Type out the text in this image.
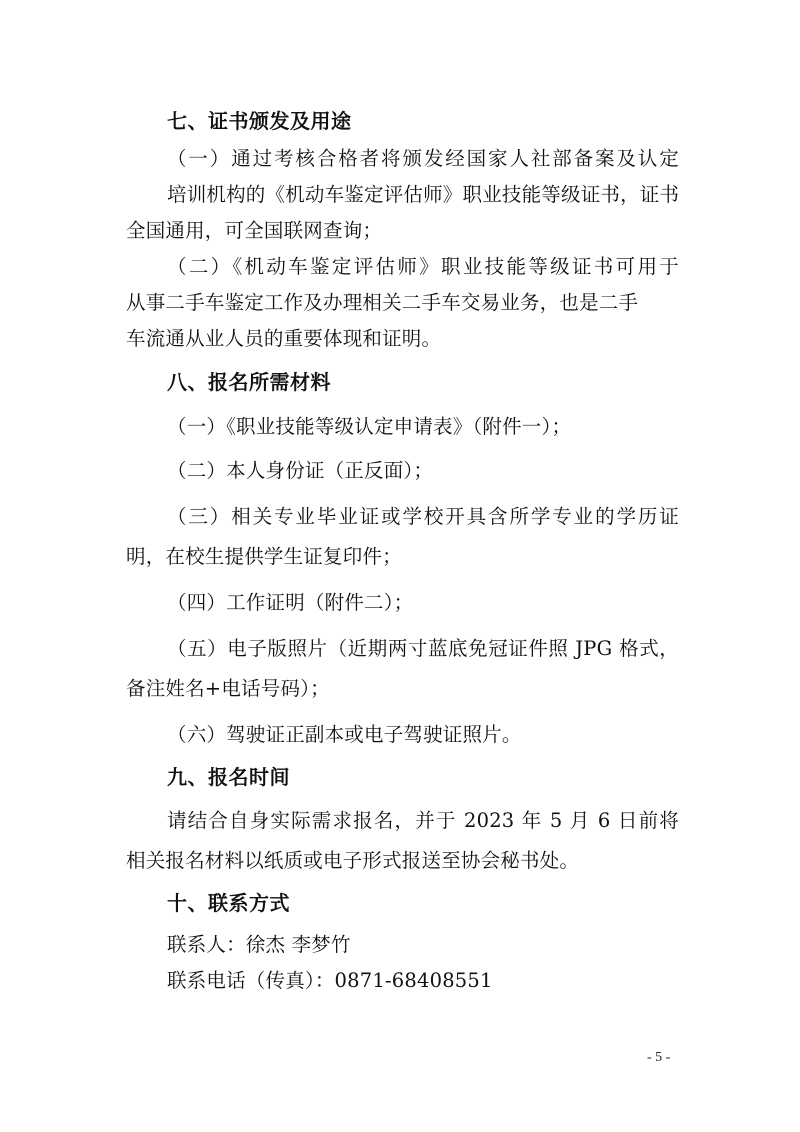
七、证书颁发及用途
（一）通过考核合格者将颁发经国家人社部备案及认定
培训机构的《机动车鉴定评估师》职业技能等级证书，证书
全国通用，可全国联网查询；
（二）《机动车鉴定评估师》职业技能等级证书可用于
从事二手车鉴定工作及办理相关二手车交易业务，也是二手
车流通从业人员的重要体现和证明。
八、报名所需材料
（一）《职业技能等级认定申请表》（附件一）；
（二）本人身份证（正反面）；
（三）相关专业毕业证或学校开具含所学专业的学历证
明，在校生提供学生证复印件；
（四）工作证明（附件二）；
（五）电子版照片（近期两寸蓝底免冠证件照 JPG 格式，
备注姓名+电话号码）；
（六）驾驶证正副本或电子驾驶证照片。
九、报名时间
请结合自身实际需求报名，并于 2023 年 5 月 6 日前将
相关报名材料以纸质或电子形式报送至协会秘书处。
十、联系方式
联系人：徐杰 李梦竹
联系电话（传真）：0871-68408551
- 5 -
